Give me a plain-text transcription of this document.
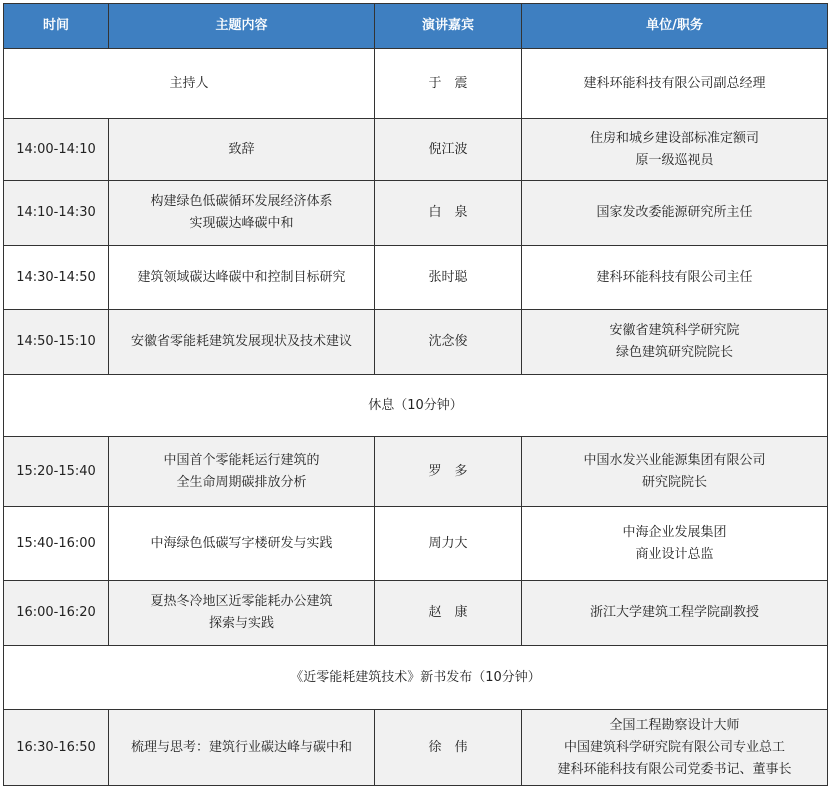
时间	主题内容	演讲嘉宾	单位/职务
主持人		于　震	建科环能科技有限公司副总经理

14:00-14:10	致辞	倪江波	住房和城乡建设部标准定额司
原一级巡视员

14:10-14:30	构建绿色低碳循环发展经济体系
实现碳达峰碳中和	白　泉	国家发改委能源研究所主任

14:30-14:50	建筑领域碳达峰碳中和控制目标研究	张时聪	建科环能科技有限公司主任

14:50-15:10	安徽省零能耗建筑发展现状及技术建议	沈念俊	安徽省建筑科学研究院
绿色建筑研究院院长

休息（10分钟）			
15:20-15:40	中国首个零能耗运行建筑的
全生命周期碳排放分析	罗　多	中国水发兴业能源集团有限公司
研究院院长

15:40-16:00	中海绿色低碳写字楼研发与实践	周力大	中海企业发展集团
商业设计总监

16:00-16:20	夏热冬冷地区近零能耗办公建筑
探索与实践	赵　康	浙江大学建筑工程学院副教授

《近零能耗建筑技术》新书发布（10分钟）			
16:30-16:50	梳理与思考：建筑行业碳达峰与碳中和	徐　伟	全国工程勘察设计大师
中国建筑科学研究院有限公司专业总工
建科环能科技有限公司党委书记、董事长
